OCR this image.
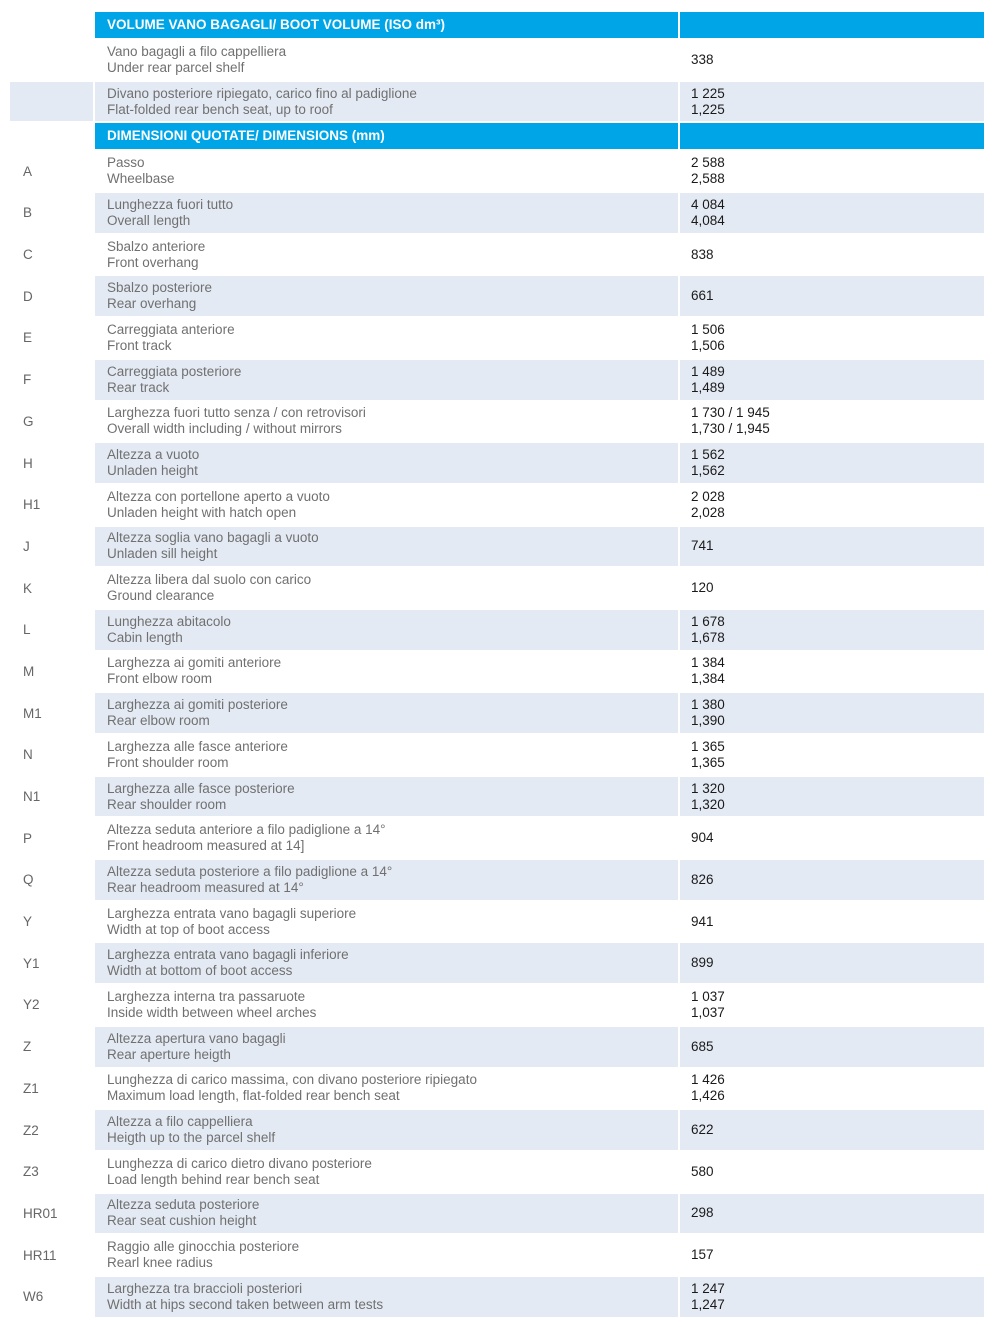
VOLUME VANO BAGAGLI/ BOOT VOLUME (ISO dm³)
Vano bagagli a filo cappelliera
Under rear parcel shelf
338
Divano posteriore ripiegato, carico fino al padiglione
Flat-folded rear bench seat, up to roof
1 225
1,225
DIMENSIONI QUOTATE/ DIMENSIONS (mm)
A
Passo
Wheelbase
2 588
2,588
B
Lunghezza fuori tutto
Overall length
4 084
4,084
C
Sbalzo anteriore
Front overhang
838
D
Sbalzo posteriore
Rear overhang
661
E
Carreggiata anteriore
Front track
1 506
1,506
F
Carreggiata posteriore
Rear track
1 489
1,489
G
Larghezza fuori tutto senza / con retrovisori
Overall width including / without mirrors
1 730 / 1 945
1,730 / 1,945
H
Altezza a vuoto
Unladen height
1 562
1,562
H1
Altezza con portellone aperto a vuoto
Unladen height with hatch open
2 028
2,028
J
Altezza soglia vano bagagli a vuoto
Unladen sill height
741
K
Altezza libera dal suolo con carico
Ground clearance
120
L
Lunghezza abitacolo
Cabin length
1 678
1,678
M
Larghezza ai gomiti anteriore
Front elbow room
1 384
1,384
M1
Larghezza ai gomiti posteriore
Rear elbow room
1 380
1,390
N
Larghezza alle fasce anteriore
Front shoulder room
1 365
1,365
N1
Larghezza alle fasce posteriore
Rear shoulder room
1 320
1,320
P
Altezza seduta anteriore a filo padiglione a 14°
Front headroom measured at 14]
904
Q
Altezza seduta posteriore a filo padiglione a 14°
Rear headroom measured at 14°
826
Y
Larghezza entrata vano bagagli superiore
Width at top of boot access
941
Y1
Larghezza entrata vano bagagli inferiore
Width at bottom of boot access
899
Y2
Larghezza interna tra passaruote
Inside width between wheel arches
1 037
1,037
Z
Altezza apertura vano bagagli
Rear aperture heigth
685
Z1
Lunghezza di carico massima, con divano posteriore ripiegato
Maximum load length, flat-folded rear bench seat
1 426
1,426
Z2
Altezza a filo cappelliera
Heigth up to the parcel shelf
622
Z3
Lunghezza di carico dietro divano posteriore
Load length behind rear bench seat
580
HR01
Altezza seduta posteriore
Rear seat cushion height
298
HR11
Raggio alle ginocchia posteriore
Rearl knee radius
157
W6
Larghezza tra braccioli posteriori
Width at hips second taken between arm tests
1 247
1,247
